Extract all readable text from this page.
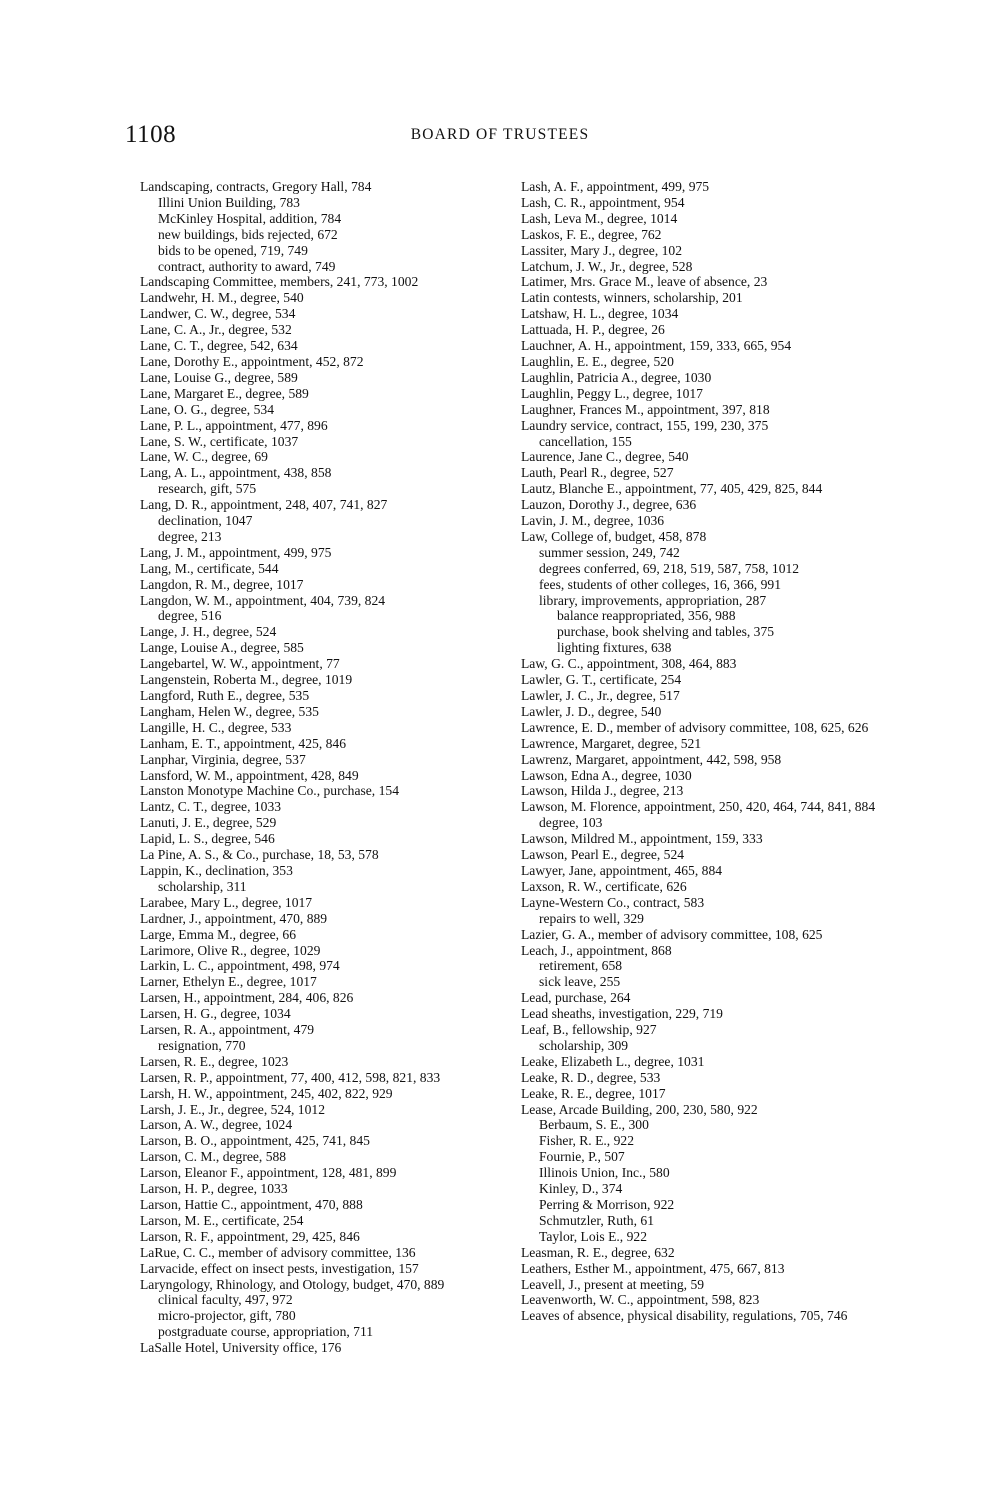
1108	BOARD OF TRUSTEES
Landscaping, contracts, Gregory Hall, 784
Illini Union Building, 783
McKinley Hospital, addition, 784
new buildings, bids rejected, 672
bids to be opened, 719, 749
contract, authority to award, 749
Landscaping Committee, members, 241, 773, 1002
Landwehr, H. M., degree, 540
Landwer, C. W., degree, 534
Lane, C. A., Jr., degree, 532
Lane, C. T., degree, 542, 634
Lane, Dorothy E., appointment, 452, 872
Lane, Louise G., degree, 589
Lane, Margaret E., degree, 589
Lane, O. G., degree, 534
Lane, P. L., appointment, 477, 896
Lane, S. W., certificate, 1037
Lane, W. C., degree, 69
Lang, A. L., appointment, 438, 858
research, gift, 575
Lang, D. R., appointment, 248, 407, 741, 827
declination, 1047
degree, 213
Lang, J. M., appointment, 499, 975
Lang, M., certificate, 544
Langdon, R. M., degree, 1017
Langdon, W. M., appointment, 404, 739, 824
degree, 516
Lange, J. H., degree, 524
Lange, Louise A., degree, 585
Langebartel, W. W., appointment, 77
Langenstein, Roberta M., degree, 1019
Langford, Ruth E., degree, 535
Langham, Helen W., degree, 535
Langille, H. C., degree, 533
Lanham, E. T., appointment, 425, 846
Lanphar, Virginia, degree, 537
Lansford, W. M., appointment, 428, 849
Lanston Monotype Machine Co., purchase, 154
Lantz, C. T., degree, 1033
Lanuti, J. E., degree, 529
Lapid, L. S., degree, 546
La Pine, A. S., & Co., purchase, 18, 53, 578
Lappin, K., declination, 353
scholarship, 311
Larabee, Mary L., degree, 1017
Lardner, J., appointment, 470, 889
Large, Emma M., degree, 66
Larimore, Olive R., degree, 1029
Larkin, L. C., appointment, 498, 974
Larner, Ethelyn E., degree, 1017
Larsen, H., appointment, 284, 406, 826
Larsen, H. G., degree, 1034
Larsen, R. A., appointment, 479
resignation, 770
Larsen, R. E., degree, 1023
Larsen, R. P., appointment, 77, 400, 412, 598, 821, 833
Larsh, H. W., appointment, 245, 402, 822, 929
Larsh, J. E., Jr., degree, 524, 1012
Larson, A. W., degree, 1024
Larson, B. O., appointment, 425, 741, 845
Larson, C. M., degree, 588
Larson, Eleanor F., appointment, 128, 481, 899
Larson, H. P., degree, 1033
Larson, Hattie C., appointment, 470, 888
Larson, M. E., certificate, 254
Larson, R. F., appointment, 29, 425, 846
LaRue, C. C., member of advisory committee, 136
Larvacide, effect on insect pests, investigation, 157
Laryngology, Rhinology, and Otology, budget, 470, 889
clinical faculty, 497, 972
micro-projector, gift, 780
postgraduate course, appropriation, 711
LaSalle Hotel, University office, 176
Lash, A. F., appointment, 499, 975
Lash, C. R., appointment, 954
Lash, Leva M., degree, 1014
Laskos, F. E., degree, 762
Lassiter, Mary J., degree, 102
Latchum, J. W., Jr., degree, 528
Latimer, Mrs. Grace M., leave of absence, 23
Latin contests, winners, scholarship, 201
Latshaw, H. L., degree, 1034
Lattuada, H. P., degree, 26
Lauchner, A. H., appointment, 159, 333, 665, 954
Laughlin, E. E., degree, 520
Laughlin, Patricia A., degree, 1030
Laughlin, Peggy L., degree, 1017
Laughner, Frances M., appointment, 397, 818
Laundry service, contract, 155, 199, 230, 375
cancellation, 155
Laurence, Jane C., degree, 540
Lauth, Pearl R., degree, 527
Lautz, Blanche E., appointment, 77, 405, 429, 825, 844
Lauzon, Dorothy J., degree, 636
Lavin, J. M., degree, 1036
Law, College of, budget, 458, 878
summer session, 249, 742
degrees conferred, 69, 218, 519, 587, 758, 1012
fees, students of other colleges, 16, 366, 991
library, improvements, appropriation, 287
balance reappropriated, 356, 988
purchase, book shelving and tables, 375
lighting fixtures, 638
Law, G. C., appointment, 308, 464, 883
Lawler, G. T., certificate, 254
Lawler, J. C., Jr., degree, 517
Lawler, J. D., degree, 540
Lawrence, E. D., member of advisory committee, 108, 625, 626
Lawrence, Margaret, degree, 521
Lawrenz, Margaret, appointment, 442, 598, 958
Lawson, Edna A., degree, 1030
Lawson, Hilda J., degree, 213
Lawson, M. Florence, appointment, 250, 420, 464, 744, 841, 884
degree, 103
Lawson, Mildred M., appointment, 159, 333
Lawson, Pearl E., degree, 524
Lawyer, Jane, appointment, 465, 884
Laxson, R. W., certificate, 626
Layne-Western Co., contract, 583
repairs to well, 329
Lazier, G. A., member of advisory committee, 108, 625
Leach, J., appointment, 868
retirement, 658
sick leave, 255
Lead, purchase, 264
Lead sheaths, investigation, 229, 719
Leaf, B., fellowship, 927
scholarship, 309
Leake, Elizabeth L., degree, 1031
Leake, R. D., degree, 533
Leake, R. E., degree, 1017
Lease, Arcade Building, 200, 230, 580, 922
Berbaum, S. E., 300
Fisher, R. E., 922
Fournie, P., 507
Illinois Union, Inc., 580
Kinley, D., 374
Perring & Morrison, 922
Schmutzler, Ruth, 61
Taylor, Lois E., 922
Leasman, R. E., degree, 632
Leathers, Esther M., appointment, 475, 667, 813
Leavell, J., present at meeting, 59
Leavenworth, W. C., appointment, 598, 823
Leaves of absence, physical disability, regulations, 705, 746
